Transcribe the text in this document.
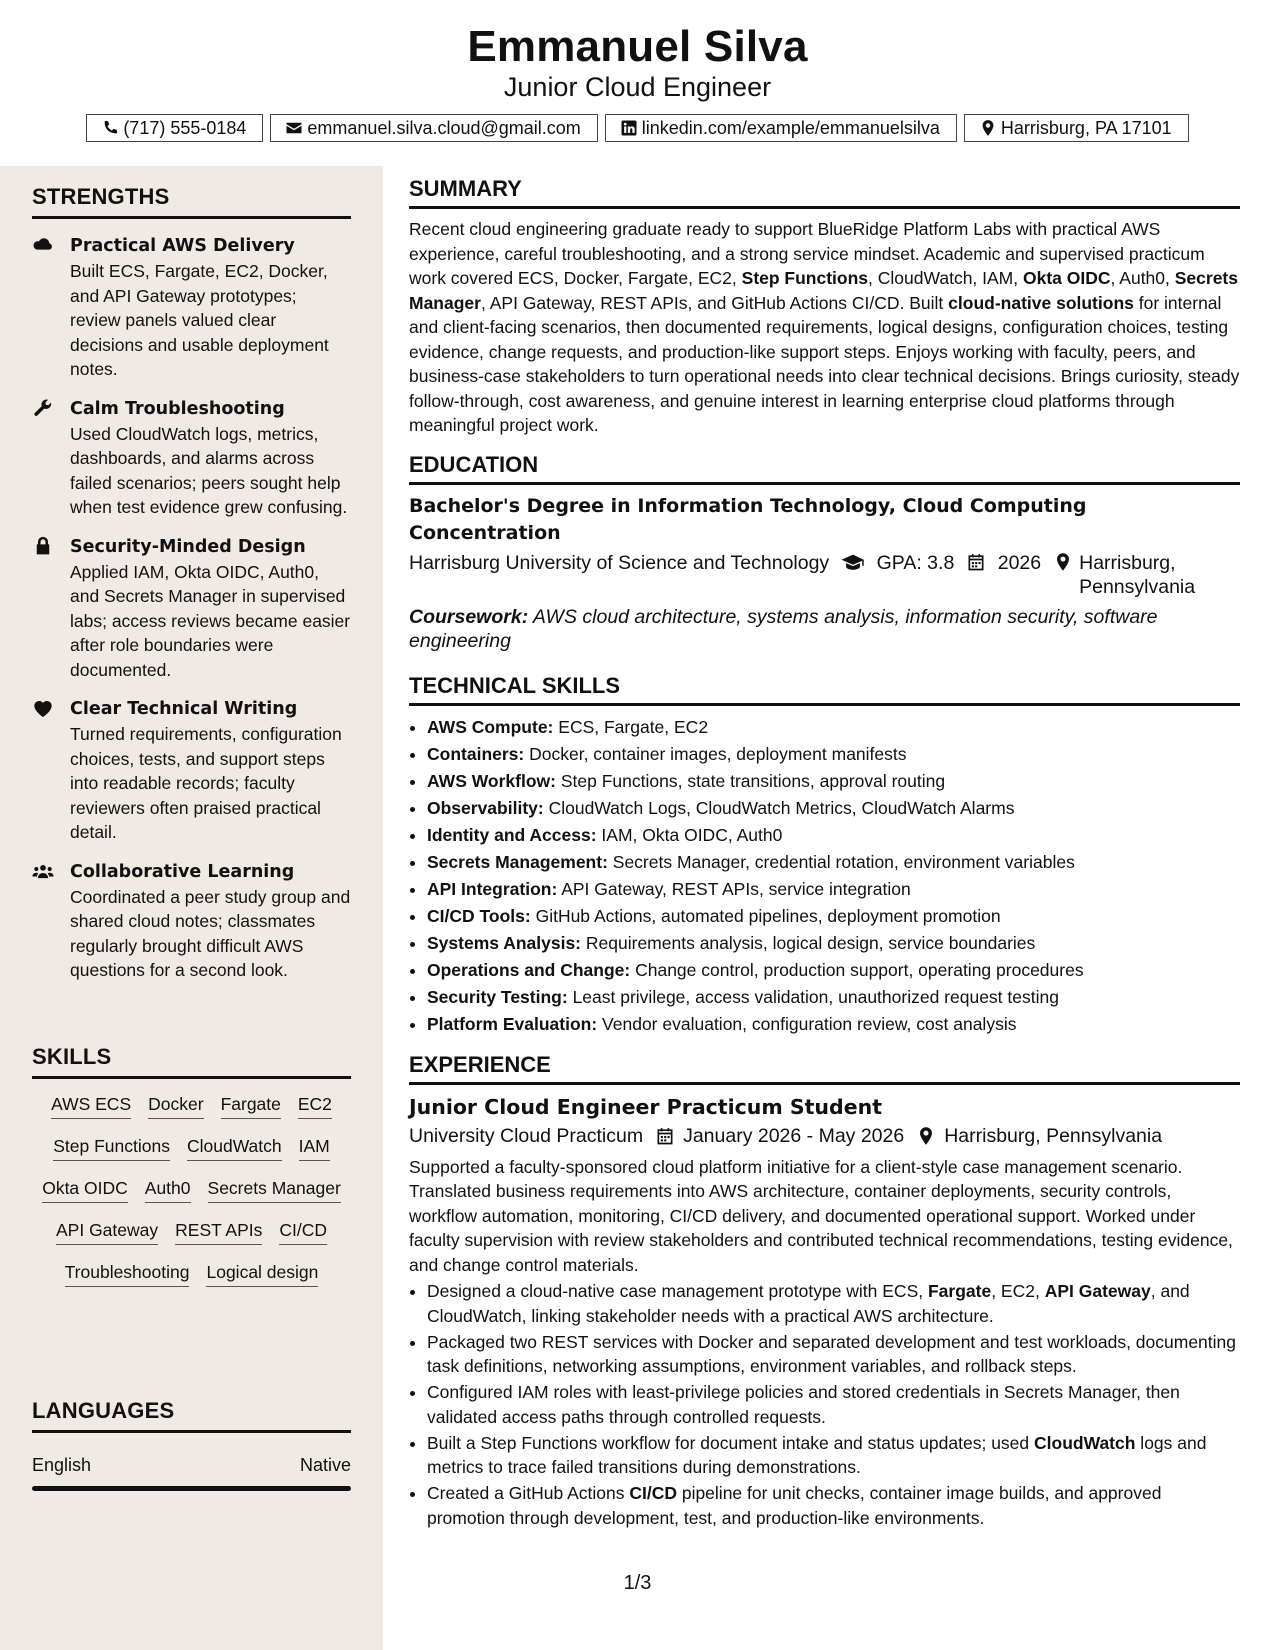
Emmanuel Silva
Junior Cloud Engineer
(717) 555-0184	emmanuel.silva.cloud@gmail.com	linkedin.com/example/emmanuelsilva	Harrisburg, PA 17101
STRENGTHS
Practical AWS Delivery
Built ECS, Fargate, EC2, Docker, and API Gateway prototypes; review panels valued clear decisions and usable deployment notes.
Calm Troubleshooting
Used CloudWatch logs, metrics, dashboards, and alarms across failed scenarios; peers sought help when test evidence grew confusing.
Security-Minded Design
Applied IAM, Okta OIDC, Auth0, and Secrets Manager in supervised labs; access reviews became easier after role boundaries were documented.
Clear Technical Writing
Turned requirements, configuration choices, tests, and support steps into readable records; faculty reviewers often praised practical detail.
Collaborative Learning
Coordinated a peer study group and shared cloud notes; classmates regularly brought difficult AWS questions for a second look.
SKILLS
AWS ECS Docker Fargate EC2
Step Functions CloudWatch IAM
Okta OIDC Auth0 Secrets Manager
API Gateway REST APIs CI/CD
Troubleshooting Logical design
LANGUAGES
English	Native
SUMMARY
Recent cloud engineering graduate ready to support BlueRidge Platform Labs with practical AWS experience, careful troubleshooting, and a strong service mindset. Academic and supervised practicum work covered ECS, Docker, Fargate, EC2, Step Functions, CloudWatch, IAM, Okta OIDC, Auth0, Secrets Manager, API Gateway, REST APIs, and GitHub Actions CI/CD. Built cloud-native solutions for internal and client-facing scenarios, then documented requirements, logical designs, configuration choices, testing evidence, change requests, and production-like support steps. Enjoys working with faculty, peers, and business-case stakeholders to turn operational needs into clear technical decisions. Brings curiosity, steady follow-through, cost awareness, and genuine interest in learning enterprise cloud platforms through meaningful project work.
EDUCATION
Bachelor's Degree in Information Technology, Cloud Computing Concentration
Harrisburg University of Science and Technology	GPA: 3.8	2026 Harrisburg, Pennsylvania
Coursework: AWS cloud architecture, systems analysis, information security, software engineering
TECHNICAL SKILLS
• AWS Compute: ECS, Fargate, EC2
• Containers: Docker, container images, deployment manifests
• AWS Workflow: Step Functions, state transitions, approval routing
• Observability: CloudWatch Logs, CloudWatch Metrics, CloudWatch Alarms
• Identity and Access: IAM, Okta OIDC, Auth0
• Secrets Management: Secrets Manager, credential rotation, environment variables
• API Integration: API Gateway, REST APIs, service integration
• CI/CD Tools: GitHub Actions, automated pipelines, deployment promotion
• Systems Analysis: Requirements analysis, logical design, service boundaries
• Operations and Change: Change control, production support, operating procedures
• Security Testing: Least privilege, access validation, unauthorized request testing
• Platform Evaluation: Vendor evaluation, configuration review, cost analysis
EXPERIENCE
Junior Cloud Engineer Practicum Student
University Cloud Practicum January 2026 - May 2026 Harrisburg, Pennsylvania
Supported a faculty-sponsored cloud platform initiative for a client-style case management scenario. Translated business requirements into AWS architecture, container deployments, security controls, workflow automation, monitoring, CI/CD delivery, and documented operational support. Worked under faculty supervision with review stakeholders and contributed technical recommendations, testing evidence, and change control materials.
• Designed a cloud-native case management prototype with ECS, Fargate, EC2, API Gateway, and CloudWatch, linking stakeholder needs with a practical AWS architecture.
• Packaged two REST services with Docker and separated development and test workloads, documenting task definitions, networking assumptions, environment variables, and rollback steps.
• Configured IAM roles with least-privilege policies and stored credentials in Secrets Manager, then validated access paths through controlled requests.
• Built a Step Functions workflow for document intake and status updates; used CloudWatch logs and metrics to trace failed transitions during demonstrations.
• Created a GitHub Actions CI/CD pipeline for unit checks, container image builds, and approved promotion through development, test, and production-like environments.
1/3
